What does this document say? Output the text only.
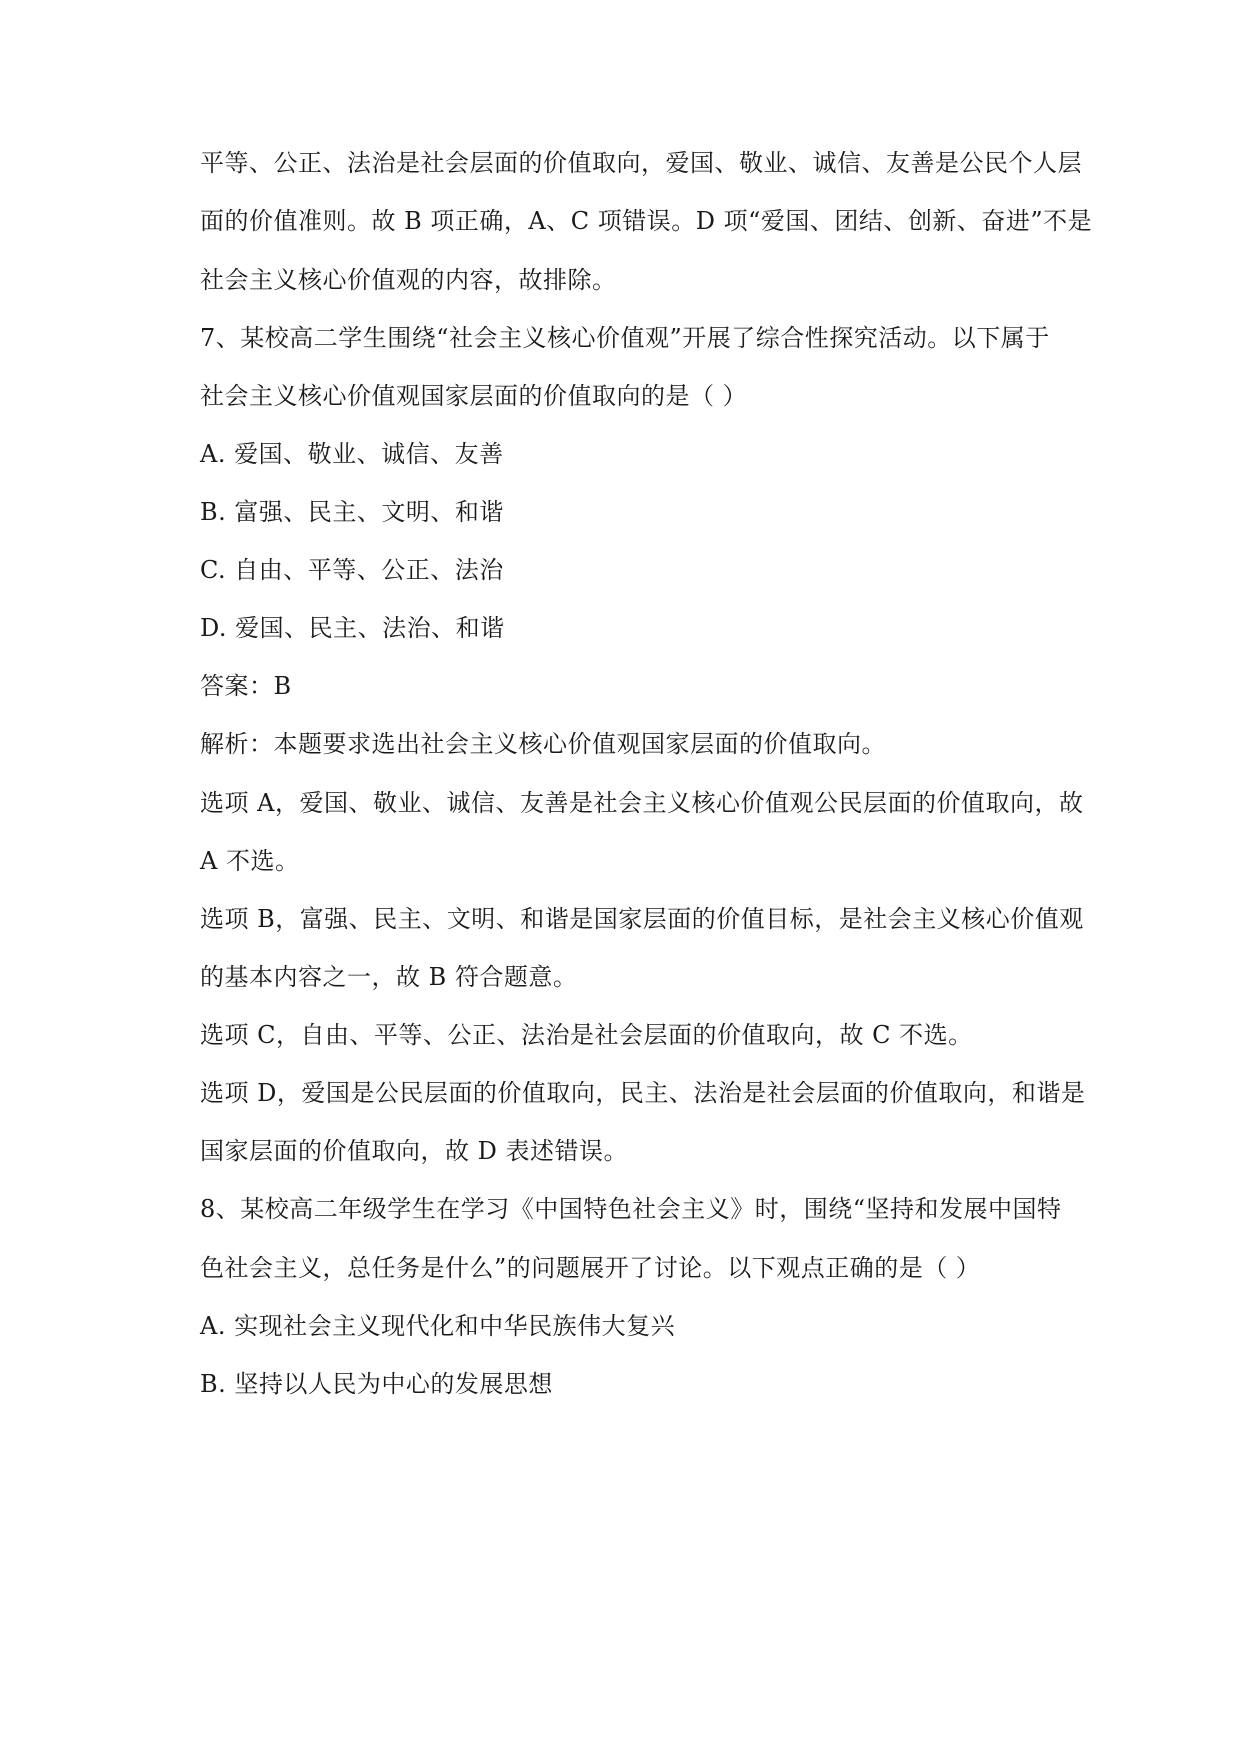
平等、公正、法治是社会层面的价值取向，爱国、敬业、诚信、友善是公民个人层
面的价值准则。故 B 项正确，A、C 项错误。D 项“爱国、团结、创新、奋进”不是
社会主义核心价值观的内容，故排除。
7、某校高二学生围绕“社会主义核心价值观”开展了综合性探究活动。以下属于
社会主义核心价值观国家层面的价值取向的是（ ）
A. 爱国、敬业、诚信、友善
B. 富强、民主、文明、和谐
C. 自由、平等、公正、法治
D. 爱国、民主、法治、和谐
答案：B
解析：本题要求选出社会主义核心价值观国家层面的价值取向。
选项 A，爱国、敬业、诚信、友善是社会主义核心价值观公民层面的价值取向，故
A 不选。
选项 B，富强、民主、文明、和谐是国家层面的价值目标，是社会主义核心价值观
的基本内容之一，故 B 符合题意。
选项 C，自由、平等、公正、法治是社会层面的价值取向，故 C 不选。
选项 D，爱国是公民层面的价值取向，民主、法治是社会层面的价值取向，和谐是
国家层面的价值取向，故 D 表述错误。
8、某校高二年级学生在学习《中国特色社会主义》时，围绕“坚持和发展中国特
色社会主义，总任务是什么”的问题展开了讨论。以下观点正确的是（ ）
A. 实现社会主义现代化和中华民族伟大复兴
B. 坚持以人民为中心的发展思想
